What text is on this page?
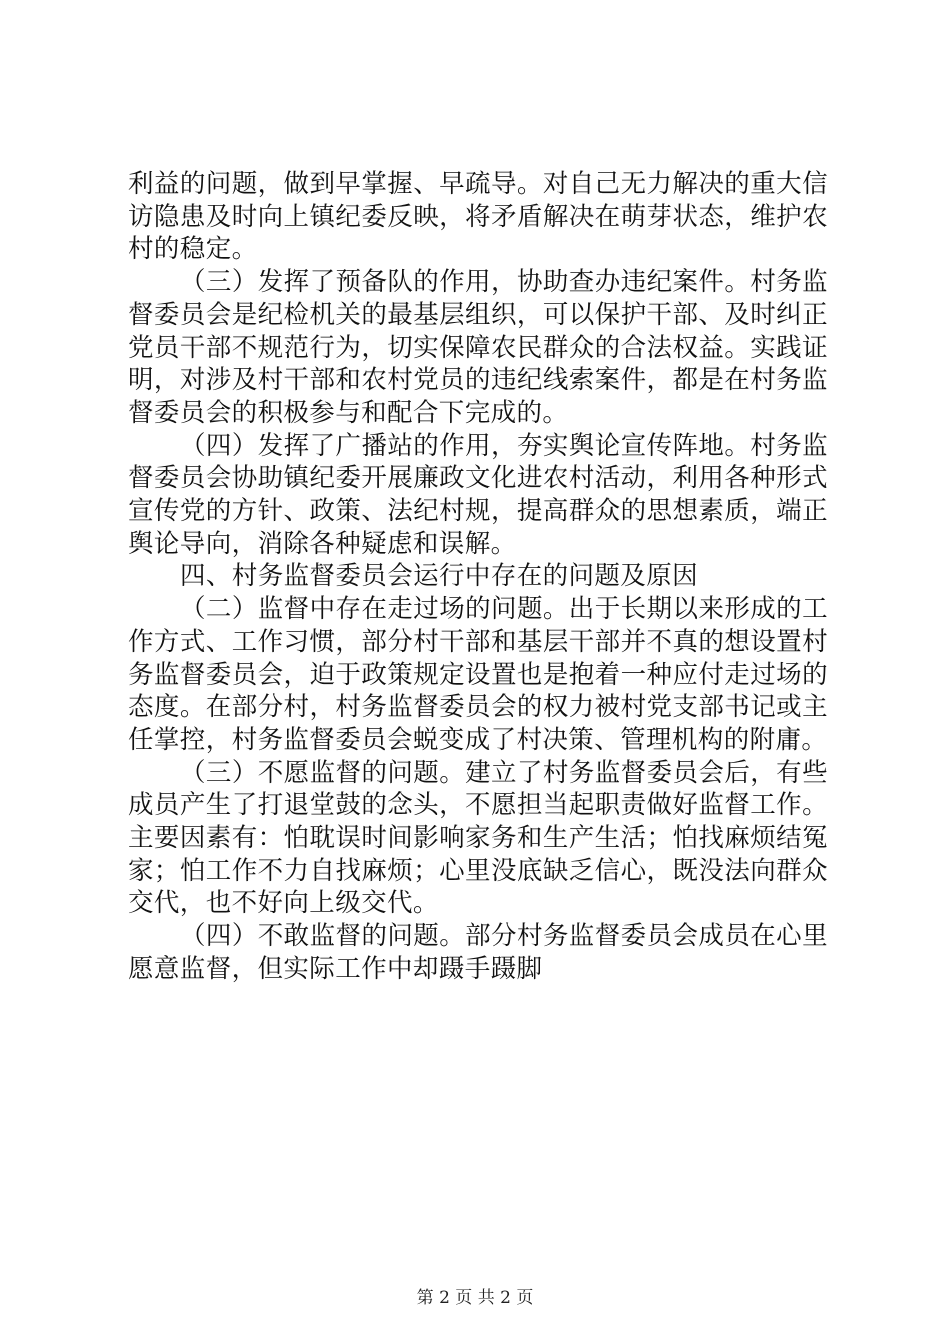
利益的问题，做到早掌握、早疏导。对自己无力解决的重大信访隐患及时向上镇纪委反映，将矛盾解决在萌芽状态，维护农村的稳定。

（三）发挥了预备队的作用，协助查办违纪案件。村务监督委员会是纪检机关的最基层组织，可以保护干部、及时纠正党员干部不规范行为，切实保障农民群众的合法权益。实践证明，对涉及村干部和农村党员的违纪线索案件，都是在村务监督委员会的积极参与和配合下完成的。

（四）发挥了广播站的作用，夯实舆论宣传阵地。村务监督委员会协助镇纪委开展廉政文化进农村活动，利用各种形式宣传党的方针、政策、法纪村规，提高群众的思想素质，端正舆论导向，消除各种疑虑和误解。

四、村务监督委员会运行中存在的问题及原因

（二）监督中存在走过场的问题。出于长期以来形成的工作方式、工作习惯，部分村干部和基层干部并不真的想设置村务监督委员会，迫于政策规定设置也是抱着一种应付走过场的态度。在部分村，村务监督委员会的权力被村党支部书记或主任掌控，村务监督委员会蜕变成了村决策、管理机构的附庸。

（三）不愿监督的问题。建立了村务监督委员会后，有些成员产生了打退堂鼓的念头，不愿担当起职责做好监督工作。主要因素有：怕耽误时间影响家务和生产生活；怕找麻烦结冤家；怕工作不力自找麻烦；心里没底缺乏信心，既没法向群众交代，也不好向上级交代。

（四）不敢监督的问题。部分村务监督委员会成员在心里愿意监督，但实际工作中却蹑手蹑脚

第 2 页 共 2 页
